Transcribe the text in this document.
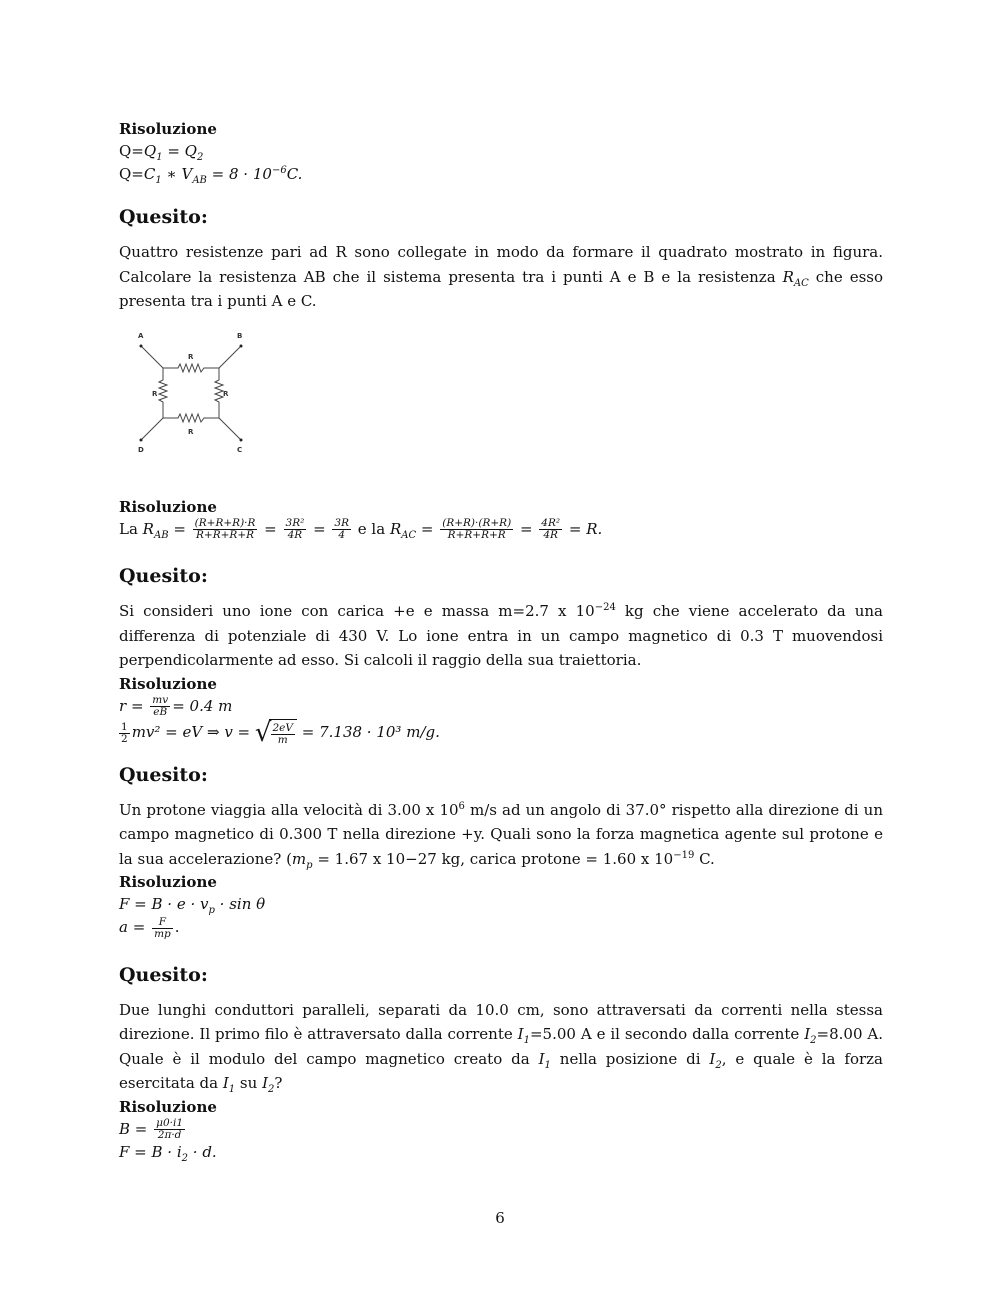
Risoluzione

$Q=Q_1 = Q_2$

$Q=C_1$ ∗ $V_{AB} = 8 \cdot 10^{-6}C$.

Quesito:

Quattro resistenze pari ad R sono collegate in modo da formare il quadrato mostrato in figura. Calcolare la resistenza AB che il sistema presenta tra i punti A e B e la resistenza $R_{AC}$ che esso presenta tra i punti A e C.

A	B
C
D
R
R
R	R

Risoluzione

La $R_{AB} = \frac{(R+R+R)\cdot R}{R+R+R+R} = \frac{\text{3R²}}{4R} = \frac{3R}{4}$ e la $R_{AC} = \frac{(R+R)\cdot(R+R)}{R+R+R+R} = \frac{\text{4R²}}{4R} = R$.

Quesito:

Si consideri uno ione con carica +e e massa m=2.7 x $10^{-24}$ kg che viene accelerato da una differenza di potenziale di 430 V. Lo ione entra in un campo magnetico di 0.3 T muovendosi perpendicolarmente ad esso. Si calcoli il raggio della sua traiettoria.

Risoluzione

$r = \frac{mv}{eB} = 0.4$ m

$\frac{1}{2} mv^2$ = eV ⇒ v = √ $\frac{2eV}{m} = 7.138 \cdot 10^3$ m/g.

Quesito:

Un protone viaggia alla velocità di 3.00 x $10^6$ m/s ad un angolo di 37.0° rispetto alla direzione di un campo magnetico di 0.300 T nella direzione +y. Quali sono la forza magnetica agente sul protone e la sua accelerazione? ($m_p = 1.67$ x 10−27 kg, carica protone = 1.60 x $10^{-19}$ C.

Risoluzione

$F = B \cdot e \cdot v_p \cdot \sin \theta$

$a = \frac{F}{mp}$ .

Quesito:

Due lunghi conduttori paralleli, separati da 10.0 cm, sono attraversati da correnti nella stessa direzione. Il primo filo è attraversato dalla corrente $I_1=5.00$ A e il secondo dalla corrente $I_2=8.00$ A. Quale è il modulo del campo magnetico creato da $I_1$ nella posizione di $I_2$, e quale è la forza esercitata da $I_1$ su $I_2$?

Risoluzione

$B = \frac{\mu 0\cdot i1}{2\pi\cdot d}$

$F = B \cdot i_2 \cdot d$.

6
